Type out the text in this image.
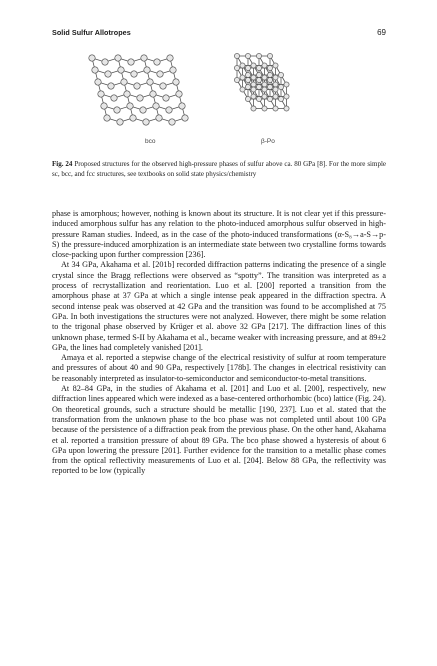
Solid Sulfur Allotropes	69
bco	β-Po
Fig. 24 Proposed structures for the observed high-pressure phases of sulfur above ca. 80 GPa [8]. For the more simple sc, bcc, and fcc structures, see textbooks on solid state physics/chemistry

phase is amorphous; however, nothing is known about its structure. It is not clear yet if this pressure-induced amorphous sulfur has any relation to the photo-induced amorphous sulfur observed in high-pressure Raman studies. Indeed, as in the case of the photo-induced transformations (α-S₈→a-S→p-S) the pressure-induced amorphization is an intermediate state between two crystalline forms towards close-packing upon further compression [236].

At 34 GPa, Akahama et al. [201b] recorded diffraction patterns indicating the presence of a single crystal since the Bragg reflections were observed as “spotty”. The transition was interpreted as a process of recrystallization and reorientation. Luo et al. [200] reported a transition from the amorphous phase at 37 GPa at which a single intense peak appeared in the diffraction spectra. A second intense peak was observed at 42 GPa and the transition was found to be accomplished at 75 GPa. In both investigations the structures were not analyzed. However, there might be some relation to the trigonal phase observed by Krüger et al. above 32 GPa [217]. The diffraction lines of this unknown phase, termed S-II by Akahama et al., became weaker with increasing pressure, and at 89±2 GPa, the lines had completely vanished [201].

Amaya et al. reported a stepwise change of the electrical resistivity of sulfur at room temperature and pressures of about 40 and 90 GPa, respectively [178b]. The changes in electrical resistivity can be reasonably interpreted as insulator-to-semiconductor and semiconductor-to-metal transitions.

At 82–84 GPa, in the studies of Akahama et al. [201] and Luo et al. [200], respectively, new diffraction lines appeared which were indexed as a base-centered orthorhombic (bco) lattice (Fig. 24). On theoretical grounds, such a structure should be metallic [190, 237]. Luo et al. stated that the transformation from the unknown phase to the bco phase was not completed until about 100 GPa because of the persistence of a diffraction peak from the previous phase. On the other hand, Akahama et al. reported a transition pressure of about 89 GPa. The bco phase showed a hysteresis of about 6 GPa upon lowering the pressure [201]. Further evidence for the transition to a metallic phase comes from the optical reflectivity measurements of Luo et al. [204]. Below 88 GPa, the reflectivity was reported to be low (typically
